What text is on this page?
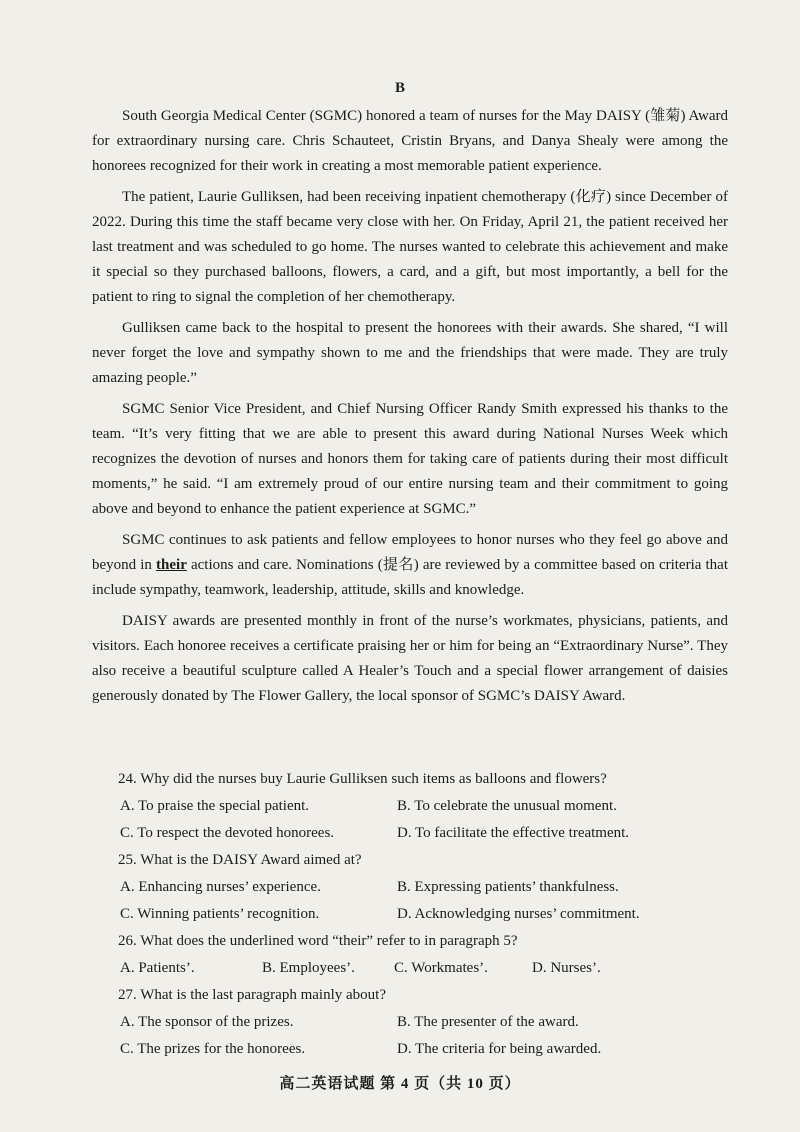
B

South Georgia Medical Center (SGMC) honored a team of nurses for the May DAISY (雏菊) Award for extraordinary nursing care. Chris Schauteet, Cristin Bryans, and Danya Shealy were among the honorees recognized for their work in creating a most memorable patient experience.

The patient, Laurie Gulliksen, had been receiving inpatient chemotherapy (化疗) since December of 2022. During this time the staff became very close with her. On Friday, April 21, the patient received her last treatment and was scheduled to go home. The nurses wanted to celebrate this achievement and make it special so they purchased balloons, flowers, a card, and a gift, but most importantly, a bell for the patient to ring to signal the completion of her chemotherapy.

Gulliksen came back to the hospital to present the honorees with their awards. She shared, “I will never forget the love and sympathy shown to me and the friendships that were made. They are truly amazing people.”

SGMC Senior Vice President, and Chief Nursing Officer Randy Smith expressed his thanks to the team. “It’s very fitting that we are able to present this award during National Nurses Week which recognizes the devotion of nurses and honors them for taking care of patients during their most difficult moments,” he said. “I am extremely proud of our entire nursing team and their commitment to going above and beyond to enhance the patient experience at SGMC.”

SGMC continues to ask patients and fellow employees to honor nurses who they feel go above and beyond in their actions and care. Nominations (提名) are reviewed by a committee based on criteria that include sympathy, teamwork, leadership, attitude, skills and knowledge.

DAISY awards are presented monthly in front of the nurse’s workmates, physicians, patients, and visitors. Each honoree receives a certificate praising her or him for being an “Extraordinary Nurse”. They also receive a beautiful sculpture called A Healer’s Touch and a special flower arrangement of daisies generously donated by The Flower Gallery, the local sponsor of SGMC’s DAISY Award.

24. Why did the nurses buy Laurie Gulliksen such items as balloons and flowers?
A. To praise the special patient.	B. To celebrate the unusual moment.
C. To respect the devoted honorees.	D. To facilitate the effective treatment.
25. What is the DAISY Award aimed at?
A. Enhancing nurses’ experience.	B. Expressing patients’ thankfulness.
C. Winning patients’ recognition.	D. Acknowledging nurses’ commitment.
26. What does the underlined word “their” refer to in paragraph 5?
A. Patients’.	B. Employees’.	C. Workmates’.	D. Nurses’.
27. What is the last paragraph mainly about?
A. The sponsor of the prizes.	B. The presenter of the award.
C. The prizes for the honorees.	D. The criteria for being awarded.
高二英语试题 第 4 页（共 10 页）
